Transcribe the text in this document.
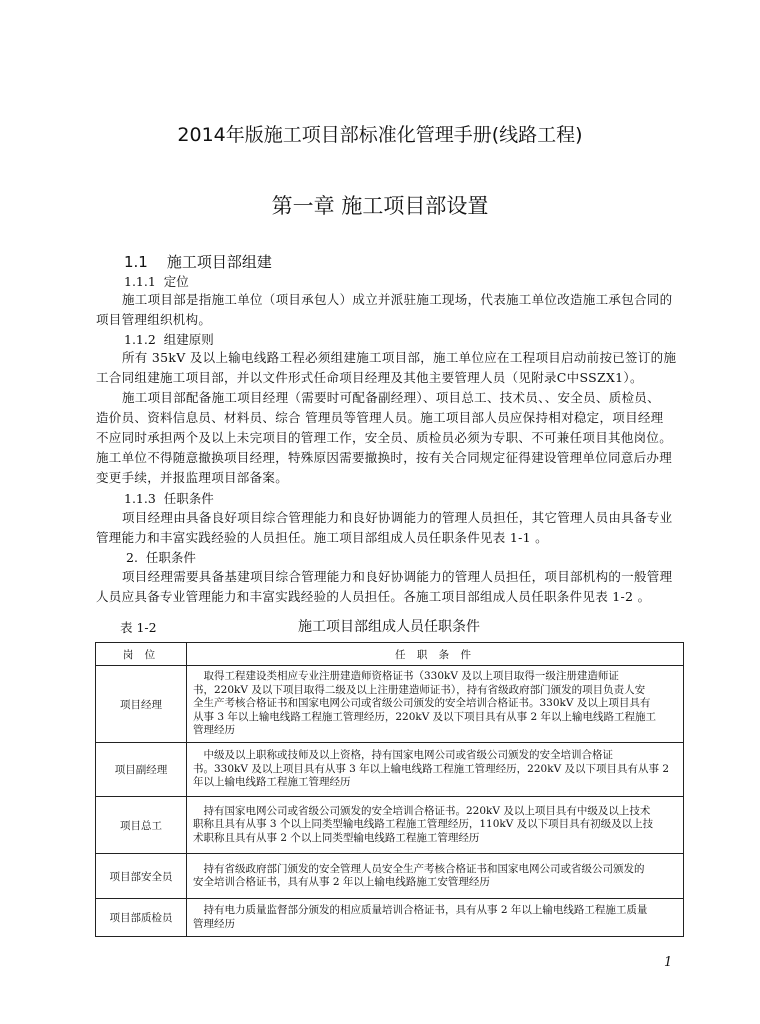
2014年版施工项目部标准化管理手册(线路工程)
第一章 施工项目部设置
1.1    施工项目部组建
1.1.1  定位
施工项目部是指施工单位（项目承包人）成立并派驻施工现场，代表施工单位改造施工承包合同的
项目管理组织机构。
1.1.2  组建原则
所有 35kV 及以上输电线路工程必须组建施工项目部，施工单位应在工程项目启动前按已签订的施
工合同组建施工项目部，并以文件形式任命项目经理及其他主要管理人员（见附录C中SSZX1）。
施工项目部配备施工项目经理（需要时可配备副经理）、项目总工、技术员、、安全员、质检员、
造价员、资料信息员、材料员、综合 管理员等管理人员。施工项目部人员应保持相对稳定，项目经理
不应同时承担两个及以上未完项目的管理工作，安全员、质检员必须为专职、不可兼任项目其他岗位。
施工单位不得随意撤换项目经理，特殊原因需要撤换时，按有关合同规定征得建设管理单位同意后办理
变更手续，并报监理项目部备案。
1.1.3  任职条件
项目经理由具备良好项目综合管理能力和良好协调能力的管理人员担任，其它管理人员由具备专业
管理能力和丰富实践经验的人员担任。施工项目部组成人员任职条件见表 1-1 。
2.  任职条件
项目经理需要具备基建项目综合管理能力和良好协调能力的管理人员担任，项目部机构的一般管理
人员应具备专业管理能力和丰富实践经验的人员担任。各施工项目部组成人员任职条件见表 1-2 。
表 1-2	施工项目部组成人员任职条件
岗 位	任 职 条 件
项目经理	　取得工程建设类相应专业注册建造师资格证书（330kV 及以上项目取得一级注册建造师证
书，220kV 及以下项目取得二级及以上注册建造师证书），持有省级政府部门颁发的项目负责人安
全生产考核合格证书和国家电网公司或省级公司颁发的安全培训合格证书。330kV 及以上项目具有
从事 3 年以上输电线路工程施工管理经历，220kV 及以下项目具有从事 2 年以上输电线路工程施工
管理经历

项目副经理	　中级及以上职称或技师及以上资格，持有国家电网公司或省级公司颁发的安全培训合格证
书。330kV 及以上项目具有从事 3 年以上输电线路工程施工管理经历，220kV 及以下项目具有从事 2
年以上输电线路工程施工管理经历

项目总工	　持有国家电网公司或省级公司颁发的安全培训合格证书。220kV 及以上项目具有中级及以上技术
职称且具有从事 3 个以上同类型输电线路工程施工管理经历，110kV 及以下项目具有初级及以上技
术职称且具有从事 2 个以上同类型输电线路工程施工管理经历

项目部安全员	　持有省级政府部门颁发的安全管理人员安全生产考核合格证书和国家电网公司或省级公司颁发的
安全培训合格证书，具有从事 2 年以上输电线路施工安管理经历

项目部质检员	　持有电力质量监督部分颁发的相应质量培训合格证书，具有从事 2 年以上输电线路工程施工质量
管理经历
1
